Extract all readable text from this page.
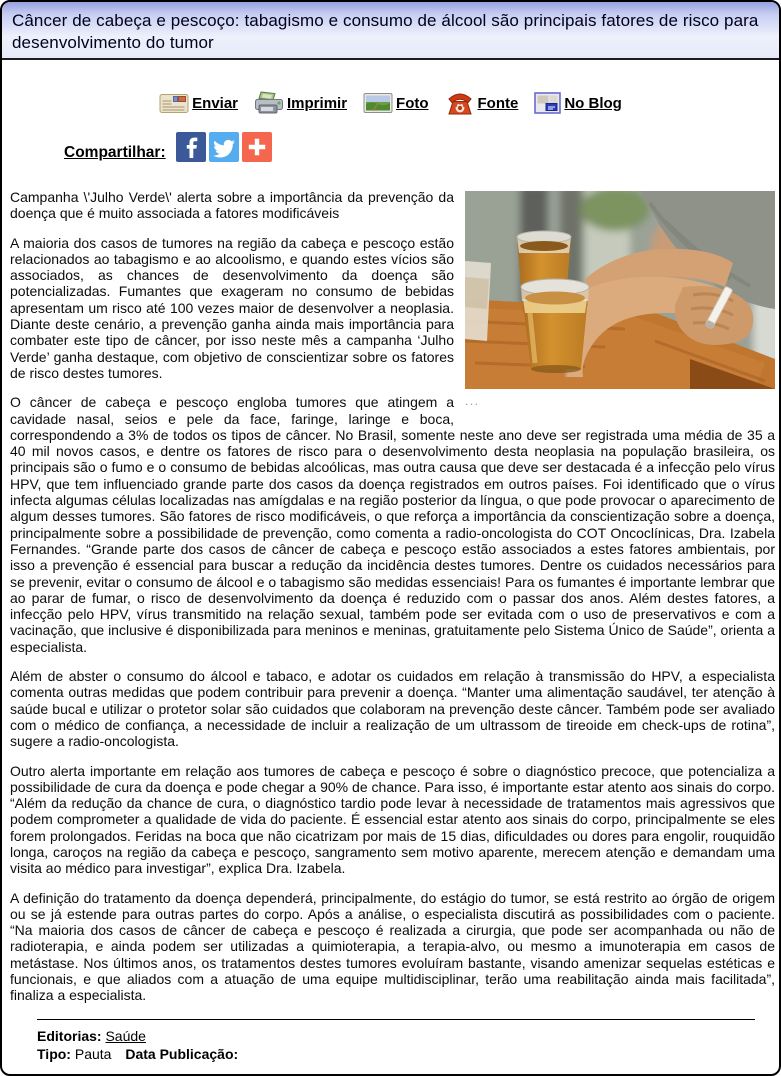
Câncer de cabeça e pescoço: tabagismo e consumo de álcool são principais fatores de risco para desenvolvimento do tumor
Enviar	Imprimir	Foto	Fonte	No Blog
Compartilhar:
...

Campanha \'Julho Verde\' alerta sobre a importância da prevenção da doença que é muito associada a fatores modificáveis

A maioria dos casos de tumores na região da cabeça e pescoço estão relacionados ao tabagismo e ao alcoolismo, e quando estes vícios são associados, as chances de desenvolvimento da doença são potencializadas. Fumantes que exageram no consumo de bebidas apresentam um risco até 100 vezes maior de desenvolver a neoplasia. Diante deste cenário, a prevenção ganha ainda mais importância para combater este tipo de câncer, por isso neste mês a campanha ‘Julho Verde’ ganha destaque, com objetivo de conscientizar sobre os fatores de risco destes tumores.

O câncer de cabeça e pescoço engloba tumores que atingem a cavidade nasal, seios e pele da face, faringe, laringe e boca, correspondendo a 3% de todos os tipos de câncer. No Brasil, somente neste ano deve ser registrada uma média de 35 a 40 mil novos casos, e dentre os fatores de risco para o desenvolvimento desta neoplasia na população brasileira, os principais são o fumo e o consumo de bebidas alcoólicas, mas outra causa que deve ser destacada é a infecção pelo vírus HPV, que tem influenciado grande parte dos casos da doença registrados em outros países. Foi identificado que o vírus infecta algumas células localizadas nas amígdalas e na região posterior da língua, o que pode provocar o aparecimento de algum desses tumores. São fatores de risco modificáveis, o que reforça a importância da conscientização sobre a doença, principalmente sobre a possibilidade de prevenção, como comenta a radio-oncologista do COT Oncoclínicas, Dra. Izabela Fernandes. “Grande parte dos casos de câncer de cabeça e pescoço estão associados a estes fatores ambientais, por isso a prevenção é essencial para buscar a redução da incidência destes tumores. Dentre os cuidados necessários para se prevenir, evitar o consumo de álcool e o tabagismo são medidas essenciais! Para os fumantes é importante lembrar que ao parar de fumar, o risco de desenvolvimento da doença é reduzido com o passar dos anos. Além destes fatores, a infecção pelo HPV, vírus transmitido na relação sexual, também pode ser evitada com o uso de preservativos e com a vacinação, que inclusive é disponibilizada para meninos e meninas, gratuitamente pelo Sistema Único de Saúde”, orienta a especialista.

Além de abster o consumo do álcool e tabaco, e adotar os cuidados em relação à transmissão do HPV, a especialista comenta outras medidas que podem contribuir para prevenir a doença. “Manter uma alimentação saudável, ter atenção à saúde bucal e utilizar o protetor solar são cuidados que colaboram na prevenção deste câncer. Também pode ser avaliado com o médico de confiança, a necessidade de incluir a realização de um ultrassom de tireoide em check-ups de rotina”, sugere a radio-oncologista.

Outro alerta importante em relação aos tumores de cabeça e pescoço é sobre o diagnóstico precoce, que potencializa a possibilidade de cura da doença e pode chegar a 90% de chance. Para isso, é importante estar atento aos sinais do corpo. “Além da redução da chance de cura, o diagnóstico tardio pode levar à necessidade de tratamentos mais agressivos que podem comprometer a qualidade de vida do paciente. É essencial estar atento aos sinais do corpo, principalmente se eles forem prolongados. Feridas na boca que não cicatrizam por mais de 15 dias, dificuldades ou dores para engolir, rouquidão longa, caroços na região da cabeça e pescoço, sangramento sem motivo aparente, merecem atenção e demandam uma visita ao médico para investigar”, explica Dra. Izabela.

A definição do tratamento da doença dependerá, principalmente, do estágio do tumor, se está restrito ao órgão de origem ou se já estende para outras partes do corpo. Após a análise, o especialista discutirá as possibilidades com o paciente. “Na maioria dos casos de câncer de cabeça e pescoço é realizada a cirurgia, que pode ser acompanhada ou não de radioterapia, e ainda podem ser utilizadas a quimioterapia, a terapia-alvo, ou mesmo a imunoterapia em casos de metástase. Nos últimos anos, os tratamentos destes tumores evoluíram bastante, visando amenizar sequelas estéticas e funcionais, e que aliados com a atuação de uma equipe multidisciplinar, terão uma reabilitação ainda mais facilitada”, finaliza a especialista.

Editorias: Saúde
Tipo: Pauta Data Publicação:
